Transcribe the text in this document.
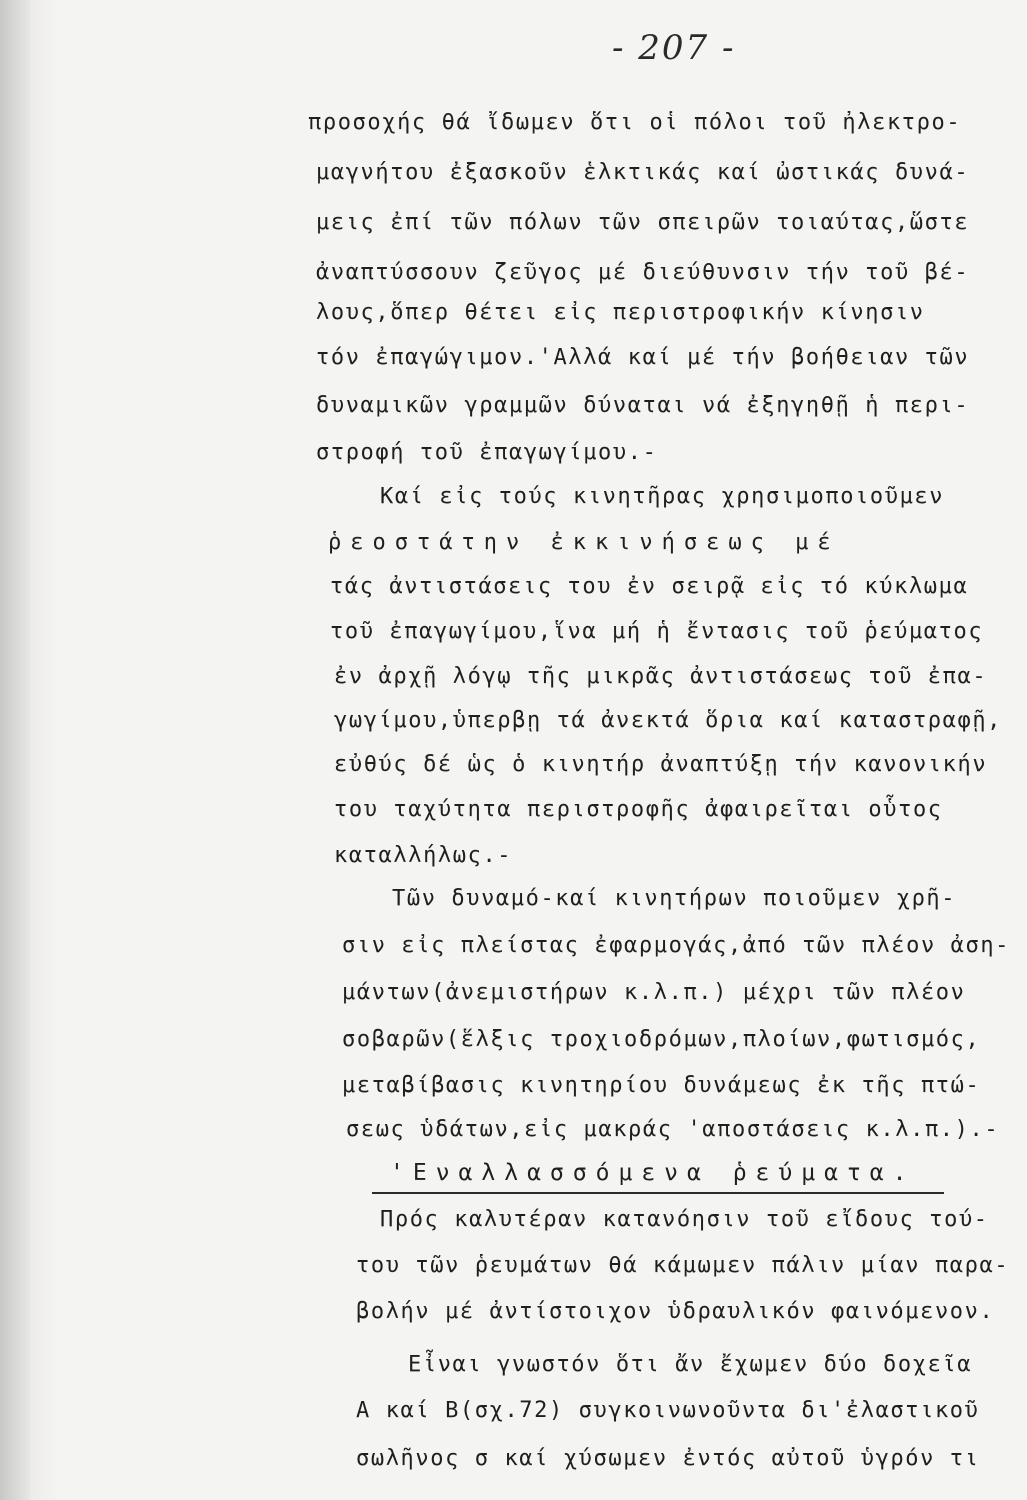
- 207 -
προσοχής θά ἴδωμεν ὅτι οἱ πόλοι τοῦ ἠλεκτρο-
μαγνήτου ἐξασκοῦν ἑλκτικάς καί ὠστικάς δυνά-
μεις ἐπί τῶν πόλων τῶν σπειρῶν τοιαύτας,ὥστε
ἀναπτύσσουν ζεῦγος μέ διεύθυνσιν τήν τοῦ βέ-
λους,ὅπερ θέτει εἰς περιστροφικήν κίνησιν
τόν ἐπαγώγιμον.'Αλλά καί μέ τήν βοήθειαν τῶν
δυναμικῶν γραμμῶν δύναται νά ἐξηγηθῇ ἡ περι-
στροφή τοῦ ἐπαγωγίμου.-
Καί εἰς τούς κινητῆρας χρησιμοποιοῦμεν
ῥεοστάτην ἐκκινήσεως μέ
τάς ἀντιστάσεις του ἐν σειρᾷ εἰς τό κύκλωμα
τοῦ ἐπαγωγίμου,ἵνα μή ἡ ἔντασις τοῦ ῥεύματος
ἐν ἀρχῇ λόγῳ τῆς μικρᾶς ἀντιστάσεως τοῦ ἐπα-
γωγίμου,ὑπερβῃ τά ἀνεκτά ὅρια καί καταστραφῇ,
εὐθύς δέ ὡς ὁ κινητήρ ἀναπτύξῃ τήν κανονικήν
του ταχύτητα περιστροφῆς ἀφαιρεῖται οὗτος
καταλλήλως.-
Τῶν δυναμό-καί κινητήρων ποιοῦμεν χρῆ-
σιν εἰς πλείστας ἐφαρμογάς,ἀπό τῶν πλέον ἀση-
μάντων(ἀνεμιστήρων κ.λ.π.) μέχρι τῶν πλέον
σοβαρῶν(ἕλξις τροχιοδρόμων,πλοίων,φωτισμός,
μεταβίβασις κινητηρίου δυνάμεως ἐκ τῆς πτώ-
σεως ὑδάτων,εἰς μακράς 'αποστάσεις κ.λ.π.).-
'Εναλλασσόμενα ῥεύματα.
Πρός καλυτέραν κατανόησιν τοῦ εἴδους τού-
του τῶν ῥευμάτων θά κάμωμεν πάλιν μίαν παρα-
βολήν μέ ἀντίστοιχον ὑδραυλικόν φαινόμενον.
Εἶναι γνωστόν ὅτι ἄν ἔχωμεν δύο δοχεῖα
Α καί Β(σχ.72) συγκοινωνοῦντα δι'ἐλαστικοῦ
σωλῆνος σ καί χύσωμεν ἐντός αὐτοῦ ὑγρόν τι
